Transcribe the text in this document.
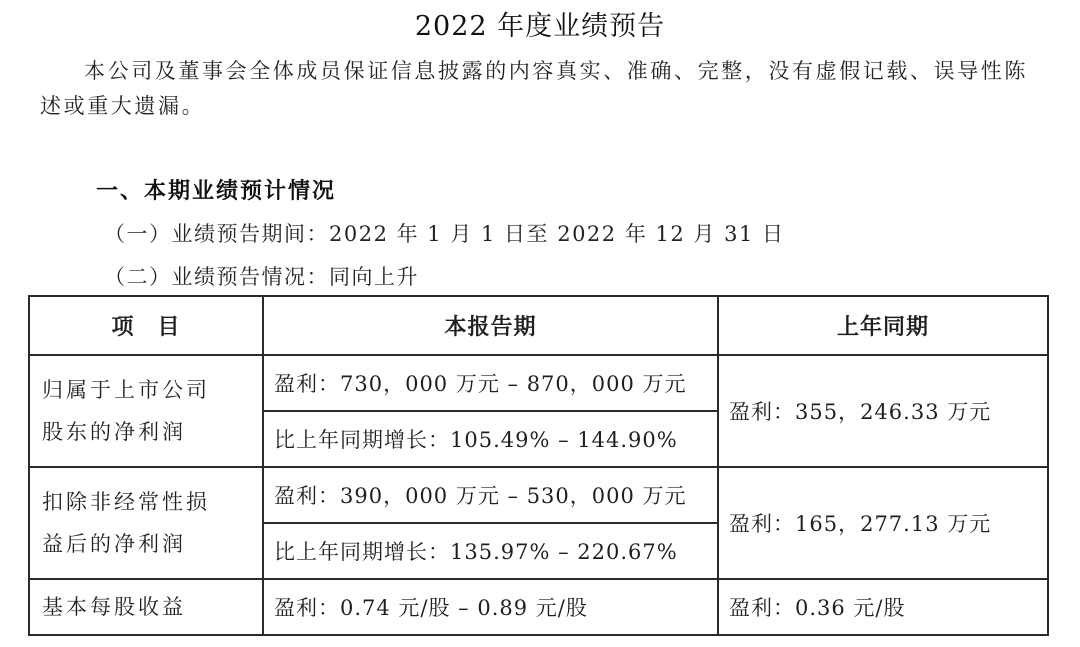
2022 年度业绩预告
本公司及董事会全体成员保证信息披露的内容真实、准确、完整，没有虚假记载、误导性陈述或重大遗漏。
一、本期业绩预计情况
（一）业绩预告期间：2022 年 1 月 1 日至 2022 年 12 月 31 日
（二）业绩预告情况：同向上升
项　目	本报告期	上年同期

归属于上市公司
股东的净利润	盈利：730，000 万元 – 870，000 万元	盈利：355，246.33 万元
	比上年同期增长：105.49% – 144.90%	

扣除非经常性损
益后的净利润	盈利：390，000 万元 – 530，000 万元	盈利：165，277.13 万元
	比上年同期增长：135.97% – 220.67%	
基本每股收益	盈利：0.74 元/股 – 0.89 元/股	盈利：0.36 元/股
